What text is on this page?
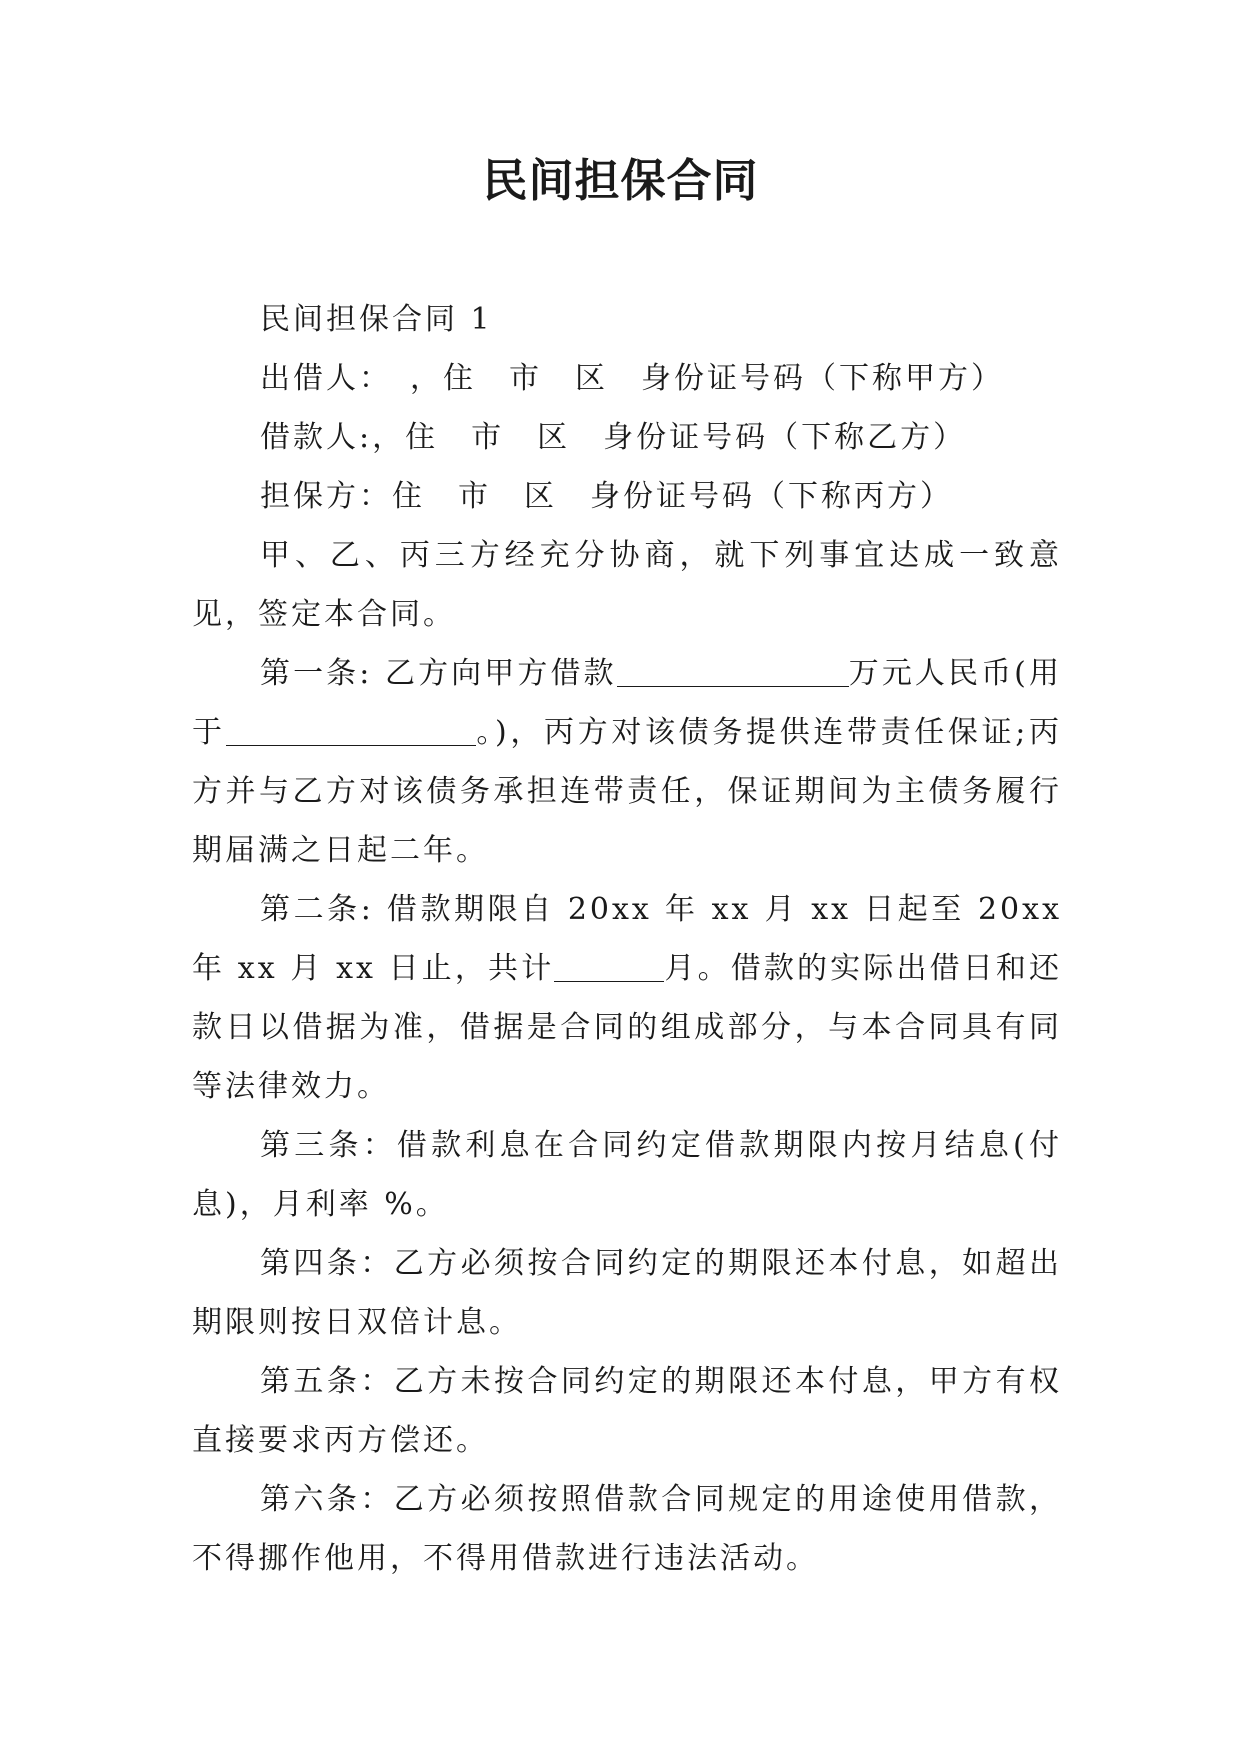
民间担保合同

民间担保合同 1

出借人：　，住　市　区　身份证号码（下称甲方）

借款人:，住　市　区　身份证号码（下称乙方）

担保方：住　市　区　身份证号码（下称丙方）

甲、乙、丙三方经充分协商，就下列事宜达成一致意见，签定本合同。

第一条: 乙方向甲方借款	万元人民币(用于	。)，丙方对该债务提供连带责任保证;丙方并与乙方对该债务承担连带责任，保证期间为主债务履行期届满之日起二年。

第二条: 借款期限自 20xx 年 xx 月 xx 日起至 20xx 年 xx 月 xx 日止，共计	月。借款的实际出借日和还款日以借据为准，借据是合同的组成部分，与本合同具有同等法律效力。

第三条：借款利息在合同约定借款期限内按月结息(付息)，月利率 %。

第四条：乙方必须按合同约定的期限还本付息，如超出期限则按日双倍计息。

第五条：乙方未按合同约定的期限还本付息，甲方有权直接要求丙方偿还。

第六条：乙方必须按照借款合同规定的用途使用借款，不得挪作他用，不得用借款进行违法活动。
